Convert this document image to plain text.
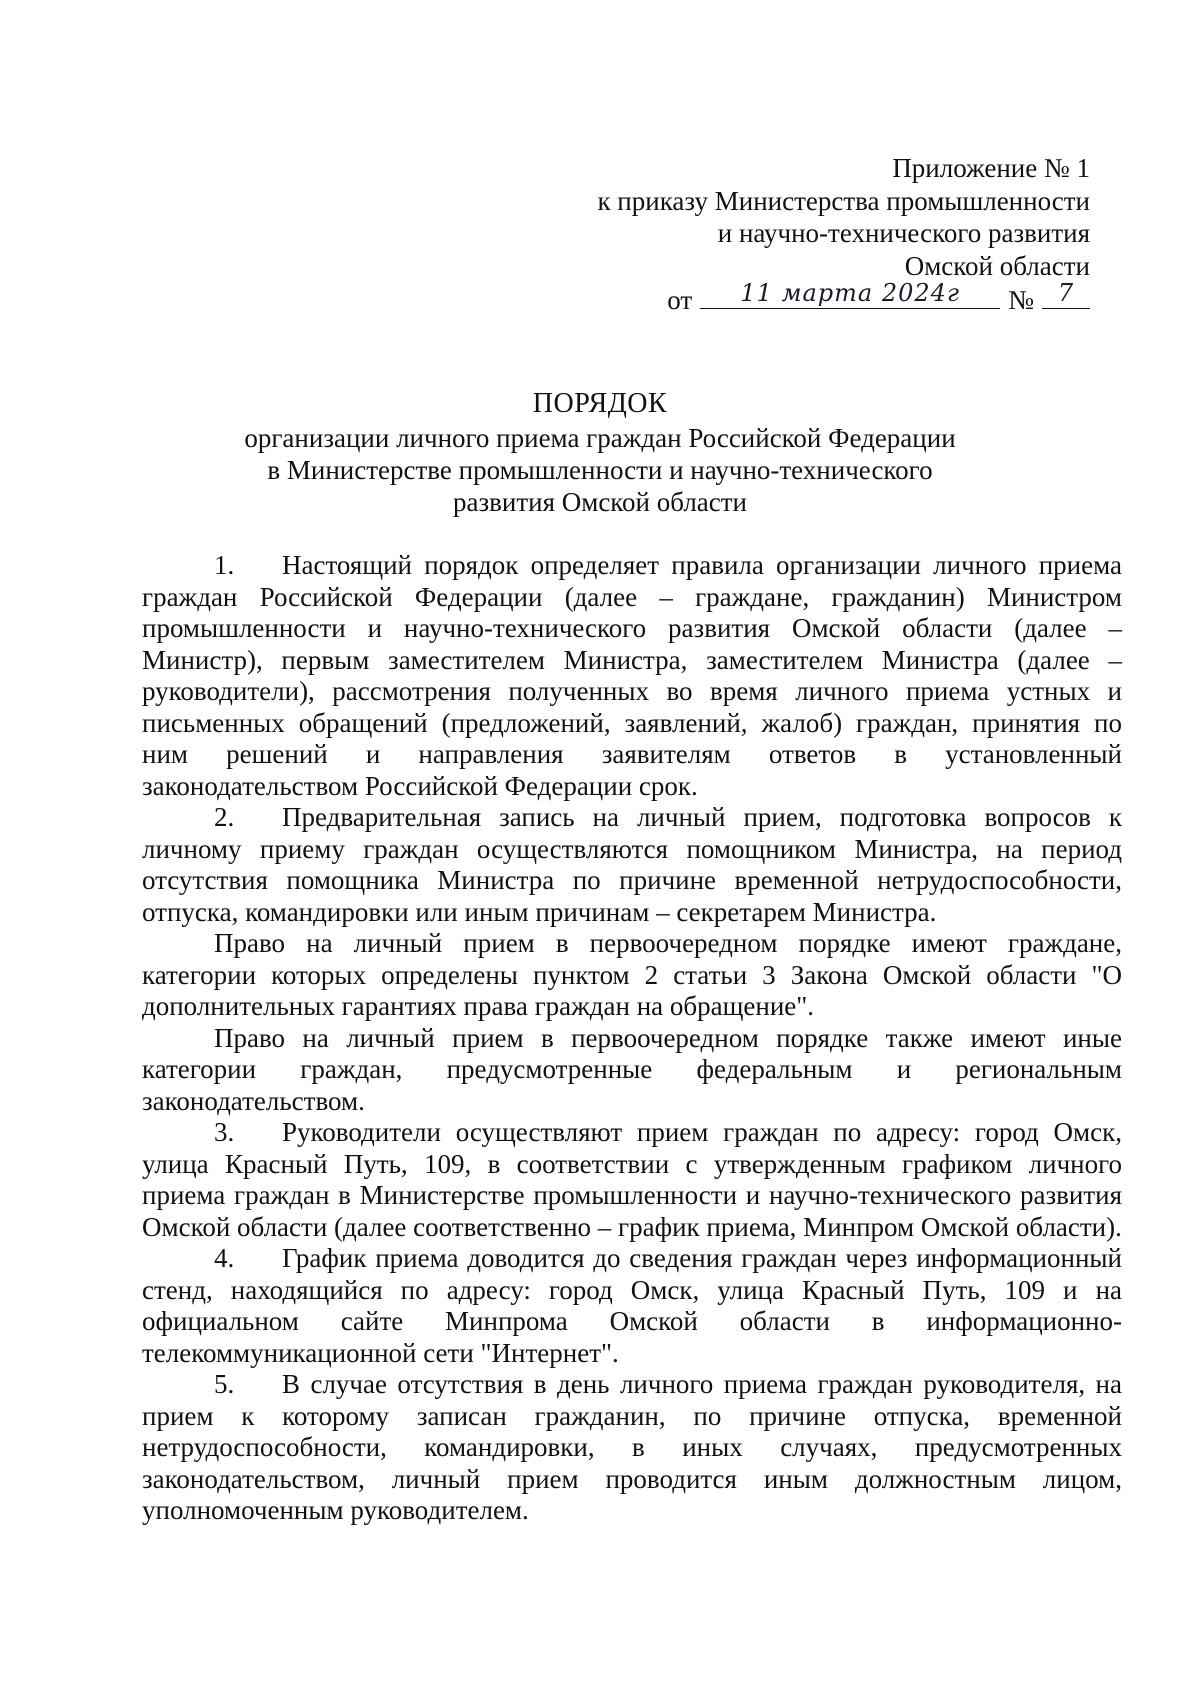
Приложение № 1
к приказу Министерства промышленности
и научно-технического развития
Омской области
от	11 марта 2024г	№ 7
ПОРЯДОК
организации личного приема граждан Российской Федерации
в Министерстве промышленности и научно-технического
развития Омской области

1. Настоящий порядок определяет правила организации личного приема граждан Российской Федерации (далее – граждане, гражданин) Министром промышленности и научно-технического развития Омской области (далее – Министр), первым заместителем Министра, заместителем Министра (далее – руководители), рассмотрения полученных во время личного приема устных и письменных обращений (предложений, заявлений, жалоб) граждан, принятия по ним решений и направления заявителям ответов в установленный законодательством Российской Федерации срок.

2. Предварительная запись на личный прием, подготовка вопросов к личному приему граждан осуществляются помощником Министра, на период отсутствия помощника Министра по причине временной нетрудоспособности, отпуска, командировки или иным причинам – секретарем Министра.

Право на личный прием в первоочередном порядке имеют граждане, категории которых определены пунктом 2 статьи 3 Закона Омской области "О дополнительных гарантиях права граждан на обращение".

Право на личный прием в первоочередном порядке также имеют иные категории граждан, предусмотренные федеральным и региональным законодательством.

3. Руководители осуществляют прием граждан по адресу: город Омск, улица Красный Путь, 109, в соответствии с утвержденным графиком личного приема граждан в Министерстве промышленности и научно-технического развития Омской области (далее соответственно – график приема, Минпром Омской области).

4. График приема доводится до сведения граждан через информационный стенд, находящийся по адресу: город Омск, улица Красный Путь, 109 и на официальном сайте Минпрома Омской области в информационно-телекоммуникационной сети "Интернет".

5. В случае отсутствия в день личного приема граждан руководителя, на прием к которому записан гражданин, по причине отпуска, временной нетрудоспособности, командировки, в иных случаях, предусмотренных законодательством, личный прием проводится иным должностным лицом, уполномоченным руководителем.
